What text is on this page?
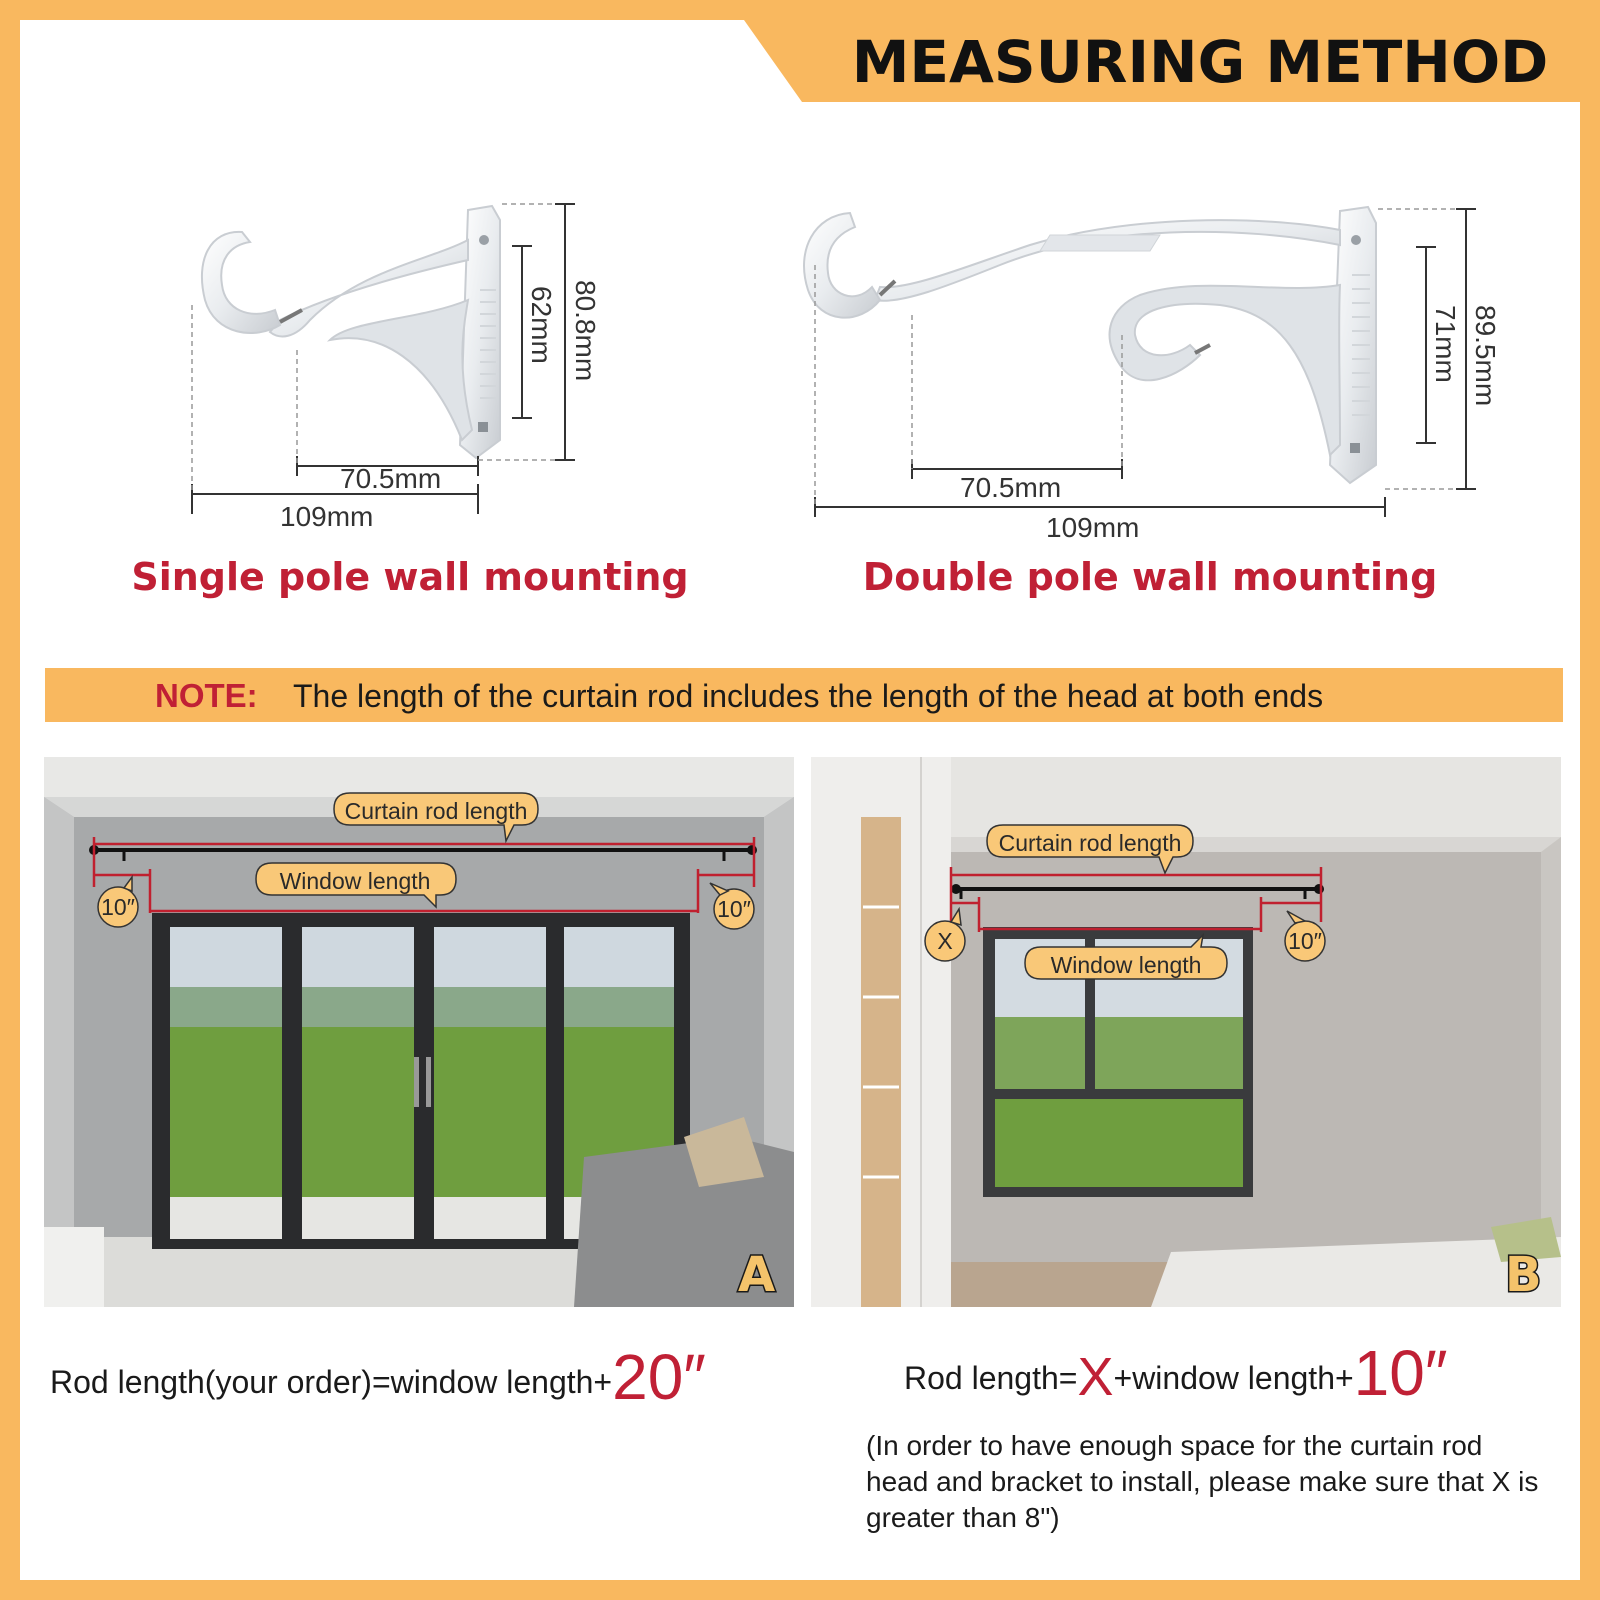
MEASURING METHOD
80.8mm
62mm
70.5mm
109mm
Single pole wall mounting
89.5mm
71mm
70.5mm
109mm
Double pole wall mounting
NOTE: The length of the curtain rod includes the length of the head at both ends
Curtain rod length
Window length
10″	10″
A
Curtain rod length
Window length
X	10″
B
Rod length(your order)=window length+20″	Rod length=X+window length+10″
(In order to have enough space for the curtain rod head and bracket to install, please make sure that X is greater than 8")
